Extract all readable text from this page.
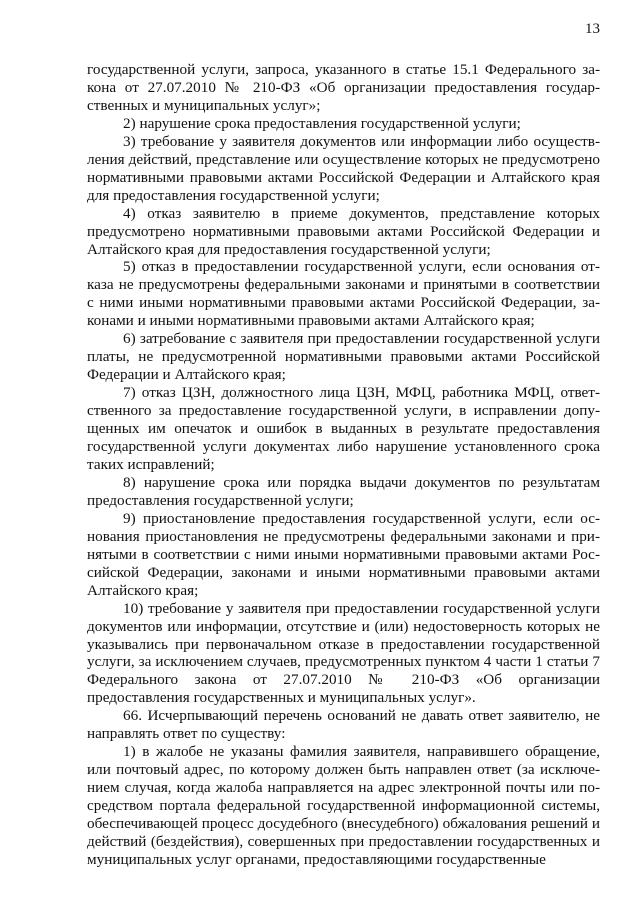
13

государственной услуги, запроса, указанного в статье 15.1 Федерального закона от 27.07.2010 № 210-ФЗ «Об организации предоставления государственных и муниципальных услуг»;

2) нарушение срока предоставления государственной услуги;

3) требование у заявителя документов или информации либо осуществления действий, представление или осуществление которых не предусмотрено нормативными правовыми актами Российской Федерации и Алтайского края для предоставления государственной услуги;

4) отказ заявителю в приеме документов, представление которых предусмотрено нормативными правовыми актами Российской Федерации и Алтайского края для предоставления государственной услуги;

5) отказ в предоставлении государственной услуги, если основания отказа не предусмотрены федеральными законами и принятыми в соответствии с ними иными нормативными правовыми актами Российской Федерации, законами и иными нормативными правовыми актами Алтайского края;

6) затребование с заявителя при предоставлении государственной услуги платы, не предусмотренной нормативными правовыми актами Российской Федерации и Алтайского края;

7) отказ ЦЗН, должностного лица ЦЗН, МФЦ, работника МФЦ, ответственного за предоставление государственной услуги, в исправлении допущенных им опечаток и ошибок в выданных в результате предоставления государственной услуги документах либо нарушение установленного срока таких исправлений;

8) нарушение срока или порядка выдачи документов по результатам предоставления государственной услуги;

9) приостановление предоставления государственной услуги, если основания приостановления не предусмотрены федеральными законами и принятыми в соответствии с ними иными нормативными правовыми актами Российской Федерации, законами и иными нормативными правовыми актами Алтайского края;

10) требование у заявителя при предоставлении государственной услуги документов или информации, отсутствие и (или) недостоверность которых не указывались при первоначальном отказе в предоставлении государственной услуги, за исключением случаев, предусмотренных пунктом 4 части 1 статьи 7 Федерального закона от 27.07.2010 № 210-ФЗ «Об организации предоставления государственных и муниципальных услуг».

66. Исчерпывающий перечень оснований не давать ответ заявителю, не направлять ответ по существу:

1) в жалобе не указаны фамилия заявителя, направившего обращение, или почтовый адрес, по которому должен быть направлен ответ (за исключением случая, когда жалоба направляется на адрес электронной почты или посредством портала федеральной государственной информационной системы, обеспечивающей процесс досудебного (внесудебного) обжалования решений и действий (бездействия), совершенных при предоставлении государственных и муниципальных услуг органами, предоставляющими государственные
